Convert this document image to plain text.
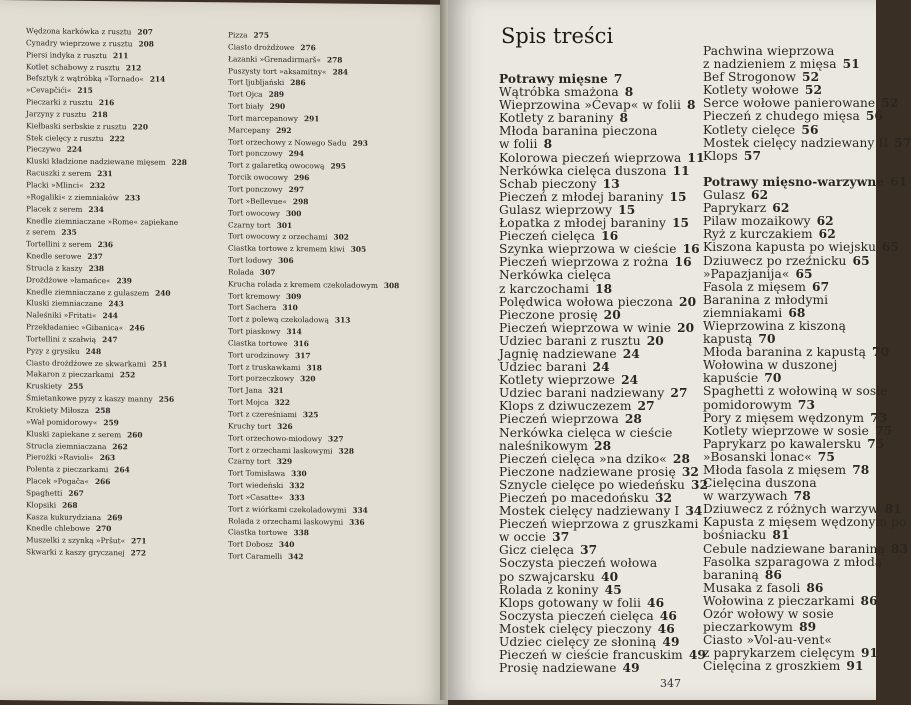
Wędzona karkówka z rusztu 207
Cynadry wieprzowe z rusztu 208
Piersi indyka z rusztu 211
Kotlet schabowy z rusztu 212
Befsztyk z wątróbką »Tornado« 214
»Cevapčići« 215
Pieczarki z rusztu 216
Jarzyny z rusztu 218
Kiełbaski serbskie z rusztu 220
Stek cielęcy z rusztu 222
Pieczywo 224
Kluski kładzione nadziewane mięsem 228
Racuszki z serem 231
Placki »Mlinci« 232
»Rogaliki« z ziemniaków 233
Placek z serem 234
Knedle ziemniaczane »Rome« zapiekane
z serem 235
Tortellini z serem 236
Knedle serowe 237
Strucla z kaszy 238
Drożdżowe »łamańce« 239
Knedle ziemniaczane z gulaszem 240
Kluski ziemniaczane 243
Naleśniki »Fritati« 244
Przekładaniec »Gibanica« 246
Tortellini z szałwią 247
Pyzy z grysiku 248
Ciasto drożdżowe ze skwarkami 251
Makaron z pieczarkami 252
Kruskiety 255
Śmietankowe pyzy z kaszy manny 256
Krokiety Miłosza 258
»Wał pomidorowy« 259
Kluski zapiekane z serem 260
Strucla ziemniaczana 262
Pierożki »Ravioli« 263
Polenta z pieczarkami 264
Placek »Pogača« 266
Spaghetti 267
Klopsiki 268
Kasza kukurydziana 269
Knedle chlebowe 270
Muszelki z szynką »Pršut« 271
Skwarki z kaszy gryczanej 272
Pizza 275
Ciasto drożdżowe 276
Łazanki »Grenadirmarš« 278
Puszysty tort »aksamitny« 284
Tort ljubljański 286
Tort Ojca 289
Tort biały 290
Tort marcepanowy 291
Marcepany 292
Tort orzechowy z Nowego Sadu 293
Tort ponczowy 294
Tort z galaretką owocową 295
Torcik owocowy 296
Tort ponczowy 297
Tort »Bellevue« 298
Tort owocowy 300
Czarny tort 301
Tort owocowy z orzechami 302
Ciastka tortowe z kremem kiwi 305
Tort lodowy 306
Rolada 307
Krucha rolada z kremem czekoladowym 308
Tort kremowy 309
Tort Sachera 310
Tort z polewą czekoladową 313
Tort piaskowy 314
Ciastka tortowe 316
Tort urodzinowy 317
Tort z truskawkami 318
Tort porzeczkowy 320
Tort Jana 321
Tort Mojca 322
Tort z czereśniami 325
Kruchy tort 326
Tort orzechowo-miodowy 327
Tort z orzechami laskowymi 328
Czarny tort 329
Tort Tomisława 330
Tort wiedeński 332
Tort »Casatte« 333
Tort z wiórkami czekoladowymi 334
Rolada z orzechami laskowymi 336
Ciastka tortowe 338
Tort Dobosz 340
Tort Caramelli 342
Spis treści
Potrawy mięsne 7
Wątróbka smażona 8
Wieprzowina »Ćevap« w folii 8
Kotlety z baraniny 8
Młoda baranina pieczona
w folii 8
Kolorowa pieczeń wieprzowa 11
Nerkówka cielęca duszona 11
Schab pieczony 13
Pieczeń z młodej baraniny 15
Gulasz wieprzowy 15
Łopatka z młodej baraniny 15
Pieczeń cielęca 16
Szynka wieprzowa w cieście 16
Pieczeń wieprzowa z rożna 16
Nerkówka cielęca
z karczochami 18
Polędwica wołowa pieczona 20
Pieczone prosię 20
Pieczeń wieprzowa w winie 20
Udziec barani z rusztu 20
Jagnię nadziewane 24
Udziec barani 24
Kotlety wieprzowe 24
Udziec barani nadziewany 27
Klops z dziwuczezem 27
Pieczeń wieprzowa 28
Nerkówka cielęca w cieście
naleśnikowym 28
Pieczeń cielęca »na dziko« 28
Pieczone nadziewane prosię 32
Sznycle cielęce po wiedeńsku 32
Pieczeń po macedońsku 32
Mostek cielęcy nadziewany I 34
Pieczeń wieprzowa z gruszkami
w occie 37
Gicz cielęca 37
Soczysta pieczeń wołowa
po szwajcarsku 40
Rolada z koniny 45
Klops gotowany w folii 46
Soczysta pieczeń cielęca 46
Mostek cielęcy pieczony 46
Udziec cielęcy ze słoniną 49
Pieczeń w cieście francuskim 49
Prosię nadziewane 49
Pachwina wieprzowa
z nadzieniem z mięsa 51
Bef Strogonow 52
Kotlety wołowe 52
Serce wołowe panierowane 52
Pieczeń z chudego mięsa 56
Kotlety cielęce 56
Mostek cielęcy nadziewany II 57
Klops 57
Potrawy mięsno-warzywne 61
Gulasz 62
Paprykarz 62
Pilaw mozaikowy 62
Ryż z kurczakiem 62
Kiszona kapusta po wiejsku 65
Dziuwecz po rzeźnicku 65
»Papazjanija« 65
Fasola z mięsem 67
Baranina z młodymi
ziemniakami 68
Wieprzowina z kiszoną
kapustą 70
Młoda baranina z kapustą 70
Wołowina w duszonej
kapuście 70
Spaghetti z wołowiną w sosie
pomidorowym 73
Pory z mięsem wędzonym 73
Kotlety wieprzowe w sosie 75
Paprykarz po kawalersku 75
»Bosanski lonac« 75
Młoda fasola z mięsem 78
Cielęcina duszona
w warzywach 78
Dziuwecz z różnych warzyw 81
Kapusta z mięsem wędzonym po
bośniacku 81
Cebule nadziewane baraniną 83
Fasolka szparagowa z młodą
baraniną 86
Musaka z fasoli 86
Wołowina z pieczarkami 86
Ozór wołowy w sosie
pieczarkowym 89
Ciasto »Vol-au-vent«
z paprykarzem cielęcym 91
Cielęcina z groszkiem 91
347
